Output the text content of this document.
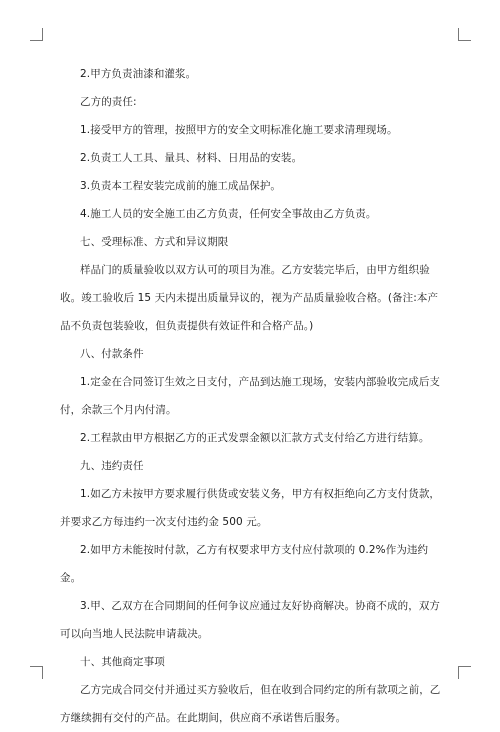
2.甲方负责油漆和灌浆。

乙方的责任:

1.接受甲方的管理，按照甲方的安全文明标准化施工要求清理现场。

2.负责工人工具、量具、材料、日用品的安装。

3.负责本工程安装完成前的施工成品保护。

4.施工人员的安全施工由乙方负责，任何安全事故由乙方负责。

七、受理标准、方式和异议期限

样品门的质量验收以双方认可的项目为准。乙方安装完毕后，由甲方组织验收。竣工验收后 15 天内未提出质量异议的，视为产品质量验收合格。(备注:本产品不负责包装验收，但负责提供有效证件和合格产品。)

八、付款条件

1.定金在合同签订生效之日支付，产品到达施工现场，安装内部验收完成后支付，余款三个月内付清。

2.工程款由甲方根据乙方的正式发票金额以汇款方式支付给乙方进行结算。

九、违约责任

1.如乙方未按甲方要求履行供货或安装义务，甲方有权拒绝向乙方支付货款，并要求乙方每违约一次支付违约金 500 元。

2.如甲方未能按时付款，乙方有权要求甲方支付应付款项的 0.2%作为违约金。

3.甲、乙双方在合同期间的任何争议应通过友好协商解决。协商不成的，双方可以向当地人民法院申请裁决。

十、其他商定事项

乙方完成合同交付并通过买方验收后，但在收到合同约定的所有款项之前，乙方继续拥有交付的产品。在此期间，供应商不承诺售后服务。
